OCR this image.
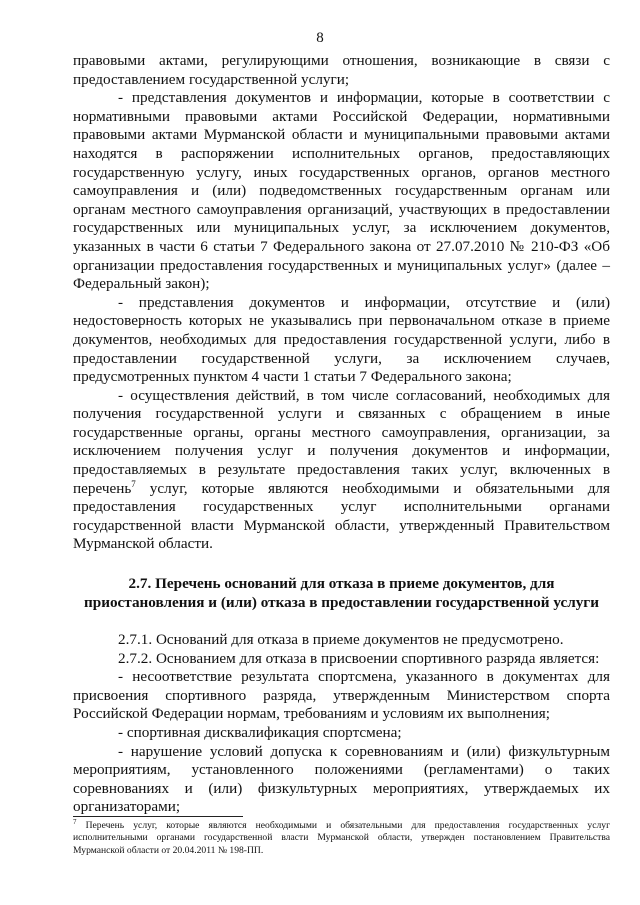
8

правовыми актами, регулирующими отношения, возникающие в связи с предоставлением государственной услуги;

- представления документов и информации, которые в соответствии с нормативными правовыми актами Российской Федерации, нормативными правовыми актами Мурманской области и муниципальными правовыми актами находятся в распоряжении исполнительных органов, предоставляющих государственную услугу, иных государственных органов, органов местного самоуправления и (или) подведомственных государственным органам или органам местного самоуправления организаций, участвующих в предоставлении государственных или муниципальных услуг, за исключением документов, указанных в части 6 статьи 7 Федерального закона от 27.07.2010 № 210-ФЗ «Об организации предоставления государственных и муниципальных услуг» (далее – Федеральный закон);

- представления документов и информации, отсутствие и (или) недостоверность которых не указывались при первоначальном отказе в приеме документов, необходимых для предоставления государственной услуги, либо в предоставлении государственной услуги, за исключением случаев, предусмотренных пунктом 4 части 1 статьи 7 Федерального закона;

- осуществления действий, в том числе согласований, необходимых для получения государственной услуги и связанных с обращением в иные государственные органы, органы местного самоуправления, организации, за исключением получения услуг и получения документов и информации, предоставляемых в результате предоставления таких услуг, включенных в перечень$^7$ услуг, которые являются необходимыми и обязательными для предоставления государственных услуг исполнительными органами государственной власти Мурманской области, утвержденный Правительством Мурманской области.

2.7. Перечень оснований для отказа в приеме документов, для приостановления и (или) отказа в предоставлении государственной услуги

2.7.1. Оснований для отказа в приеме документов не предусмотрено.

2.7.2. Основанием для отказа в присвоении спортивного разряда является:

- несоответствие результата спортсмена, указанного в документах для присвоения спортивного разряда, утвержденным Министерством спорта Российской Федерации нормам, требованиям и условиям их выполнения;

- спортивная дисквалификация спортсмена;

- нарушение условий допуска к соревнованиям и (или) физкультурным мероприятиям, установленного положениями (регламентами) о таких соревнованиях и (или) физкультурных мероприятиях, утверждаемых их организаторами;

$^7$ Перечень услуг, которые являются необходимыми и обязательными для предоставления государственных услуг исполнительными органами государственной власти Мурманской области, утвержден постановлением Правительства Мурманской области от 20.04.2011 № 198-ПП.
